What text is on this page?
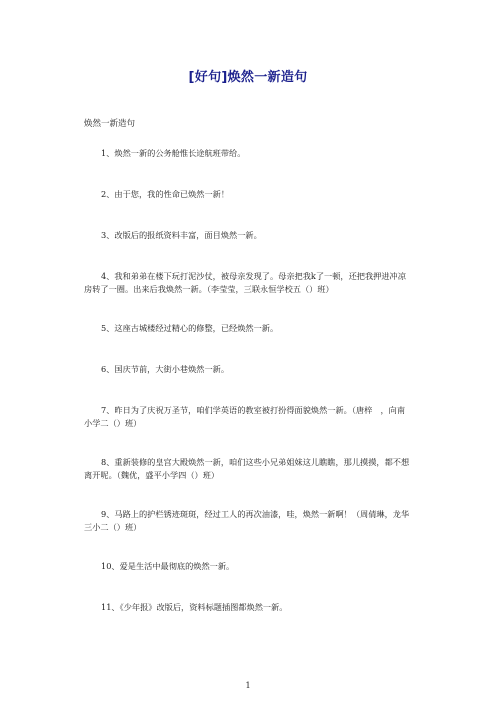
[好句]焕然一新造句
焕然一新造句

1、焕然一新的公务舱惟长途航班带给。

2、由于您，我的性命已焕然一新！

3、改版后的报纸资料丰富，面目焕然一新。

4、我和弟弟在楼下玩打泥沙仗，被母亲发现了。母亲把我k了一顿，还把我押进冲凉房转了一圈。出来后我焕然一新。（李莹莹，三联永恒学校五（）班）

5、这座古城楼经过精心的修整，已经焕然一新。

6、国庆节前，大街小巷焕然一新。

7、昨日为了庆祝万圣节，咱们学英语的教室被打扮得面貌焕然一新。（唐梓　，向南小学二（）班）

8、重新装修的皇宫大殿焕然一新，咱们这些小兄弟姐妹这儿瞧瞧，那儿摸摸，都不想离开呢。（魏优，盛平小学四（）班）

9、马路上的护栏锈迹斑斑，经过工人的再次油漆，哇，焕然一新啊！（周倩琳，龙华三小二（）班）

10、爱是生活中最彻底的焕然一新。

11、《少年报》改版后，资料标题插图都焕然一新。

1
